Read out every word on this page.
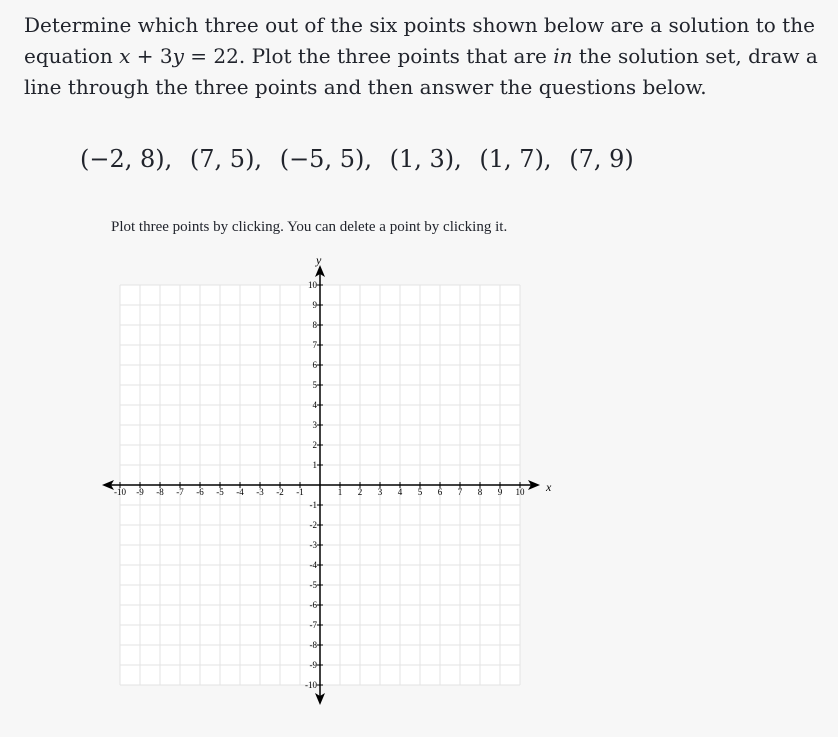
Determine which three out of the six points shown below are a solution to the equation x + 3y = 22. Plot the three points that are in the solution set, draw a line through the three points and then answer the questions below.
(−2, 8), (7, 5), (−5, 5), (1, 3), (1, 7), (7, 9)
Plot three points by clicking. You can delete a point by clicking it.
-10 -9 -8 -7 -6 -5 -4 -3 -2 -1	1 2 3 4 5 6 7 8 9 10
10
9
8
7
6
5
4
3
2
1
-1
-2
-3
-4
-5
-6
-7
-8
-9
-10
x
y
